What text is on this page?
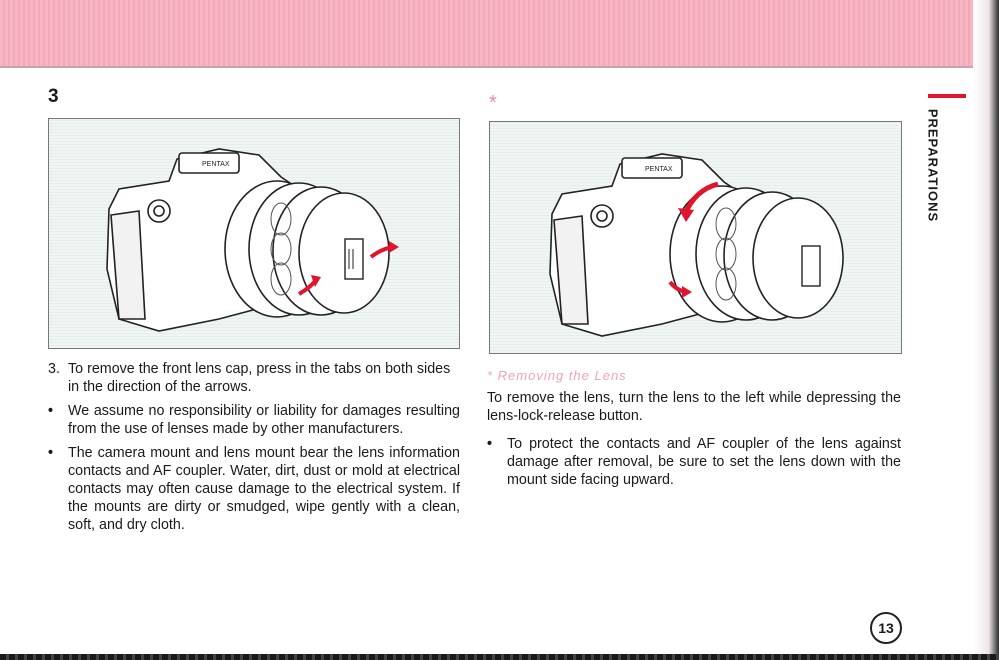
3	*
PENTAX
PENTAX
3. To remove the front lens cap, press in the tabs on both sides in the direction of the arrows.
•	We assume no responsibility or liability for damages resulting from the use of lenses made by other manufacturers.
•	The camera mount and lens mount bear the lens information contacts and AF coupler. Water, dirt, dust or mold at electrical contacts may often cause damage to the electrical system. If the mounts are dirty or smudged, wipe gently with a clean, soft, and dry cloth.
* Removing the Lens
To remove the lens, turn the lens to the left while depressing the lens-lock-release button.
•	To protect the contacts and AF coupler of the lens against damage after removal, be sure to set the lens down with the mount side facing upward.
PREPARATIONS
13
